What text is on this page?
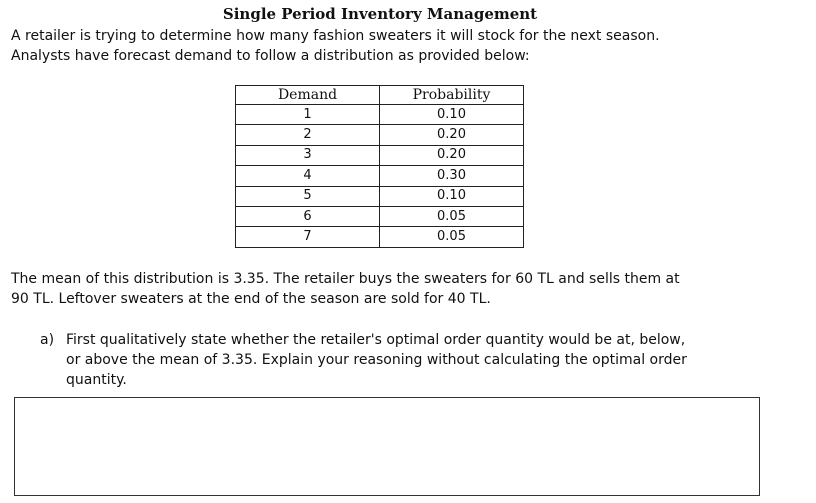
Single Period Inventory Management
A retailer is trying to determine how many fashion sweaters it will stock for the next season.
Analysts have forecast demand to follow a distribution as provided below:
Demand	Probability
1	0.10
2	0.20
3	0.20
4	0.30
5	0.10
6	0.05
7	0.05
The mean of this distribution is 3.35. The retailer buys the sweaters for 60 TL and sells them at
90 TL. Leftover sweaters at the end of the season are sold for 40 TL.
a) First qualitatively state whether the retailer's optimal order quantity would be at, below,
or above the mean of 3.35. Explain your reasoning without calculating the optimal order
quantity.
